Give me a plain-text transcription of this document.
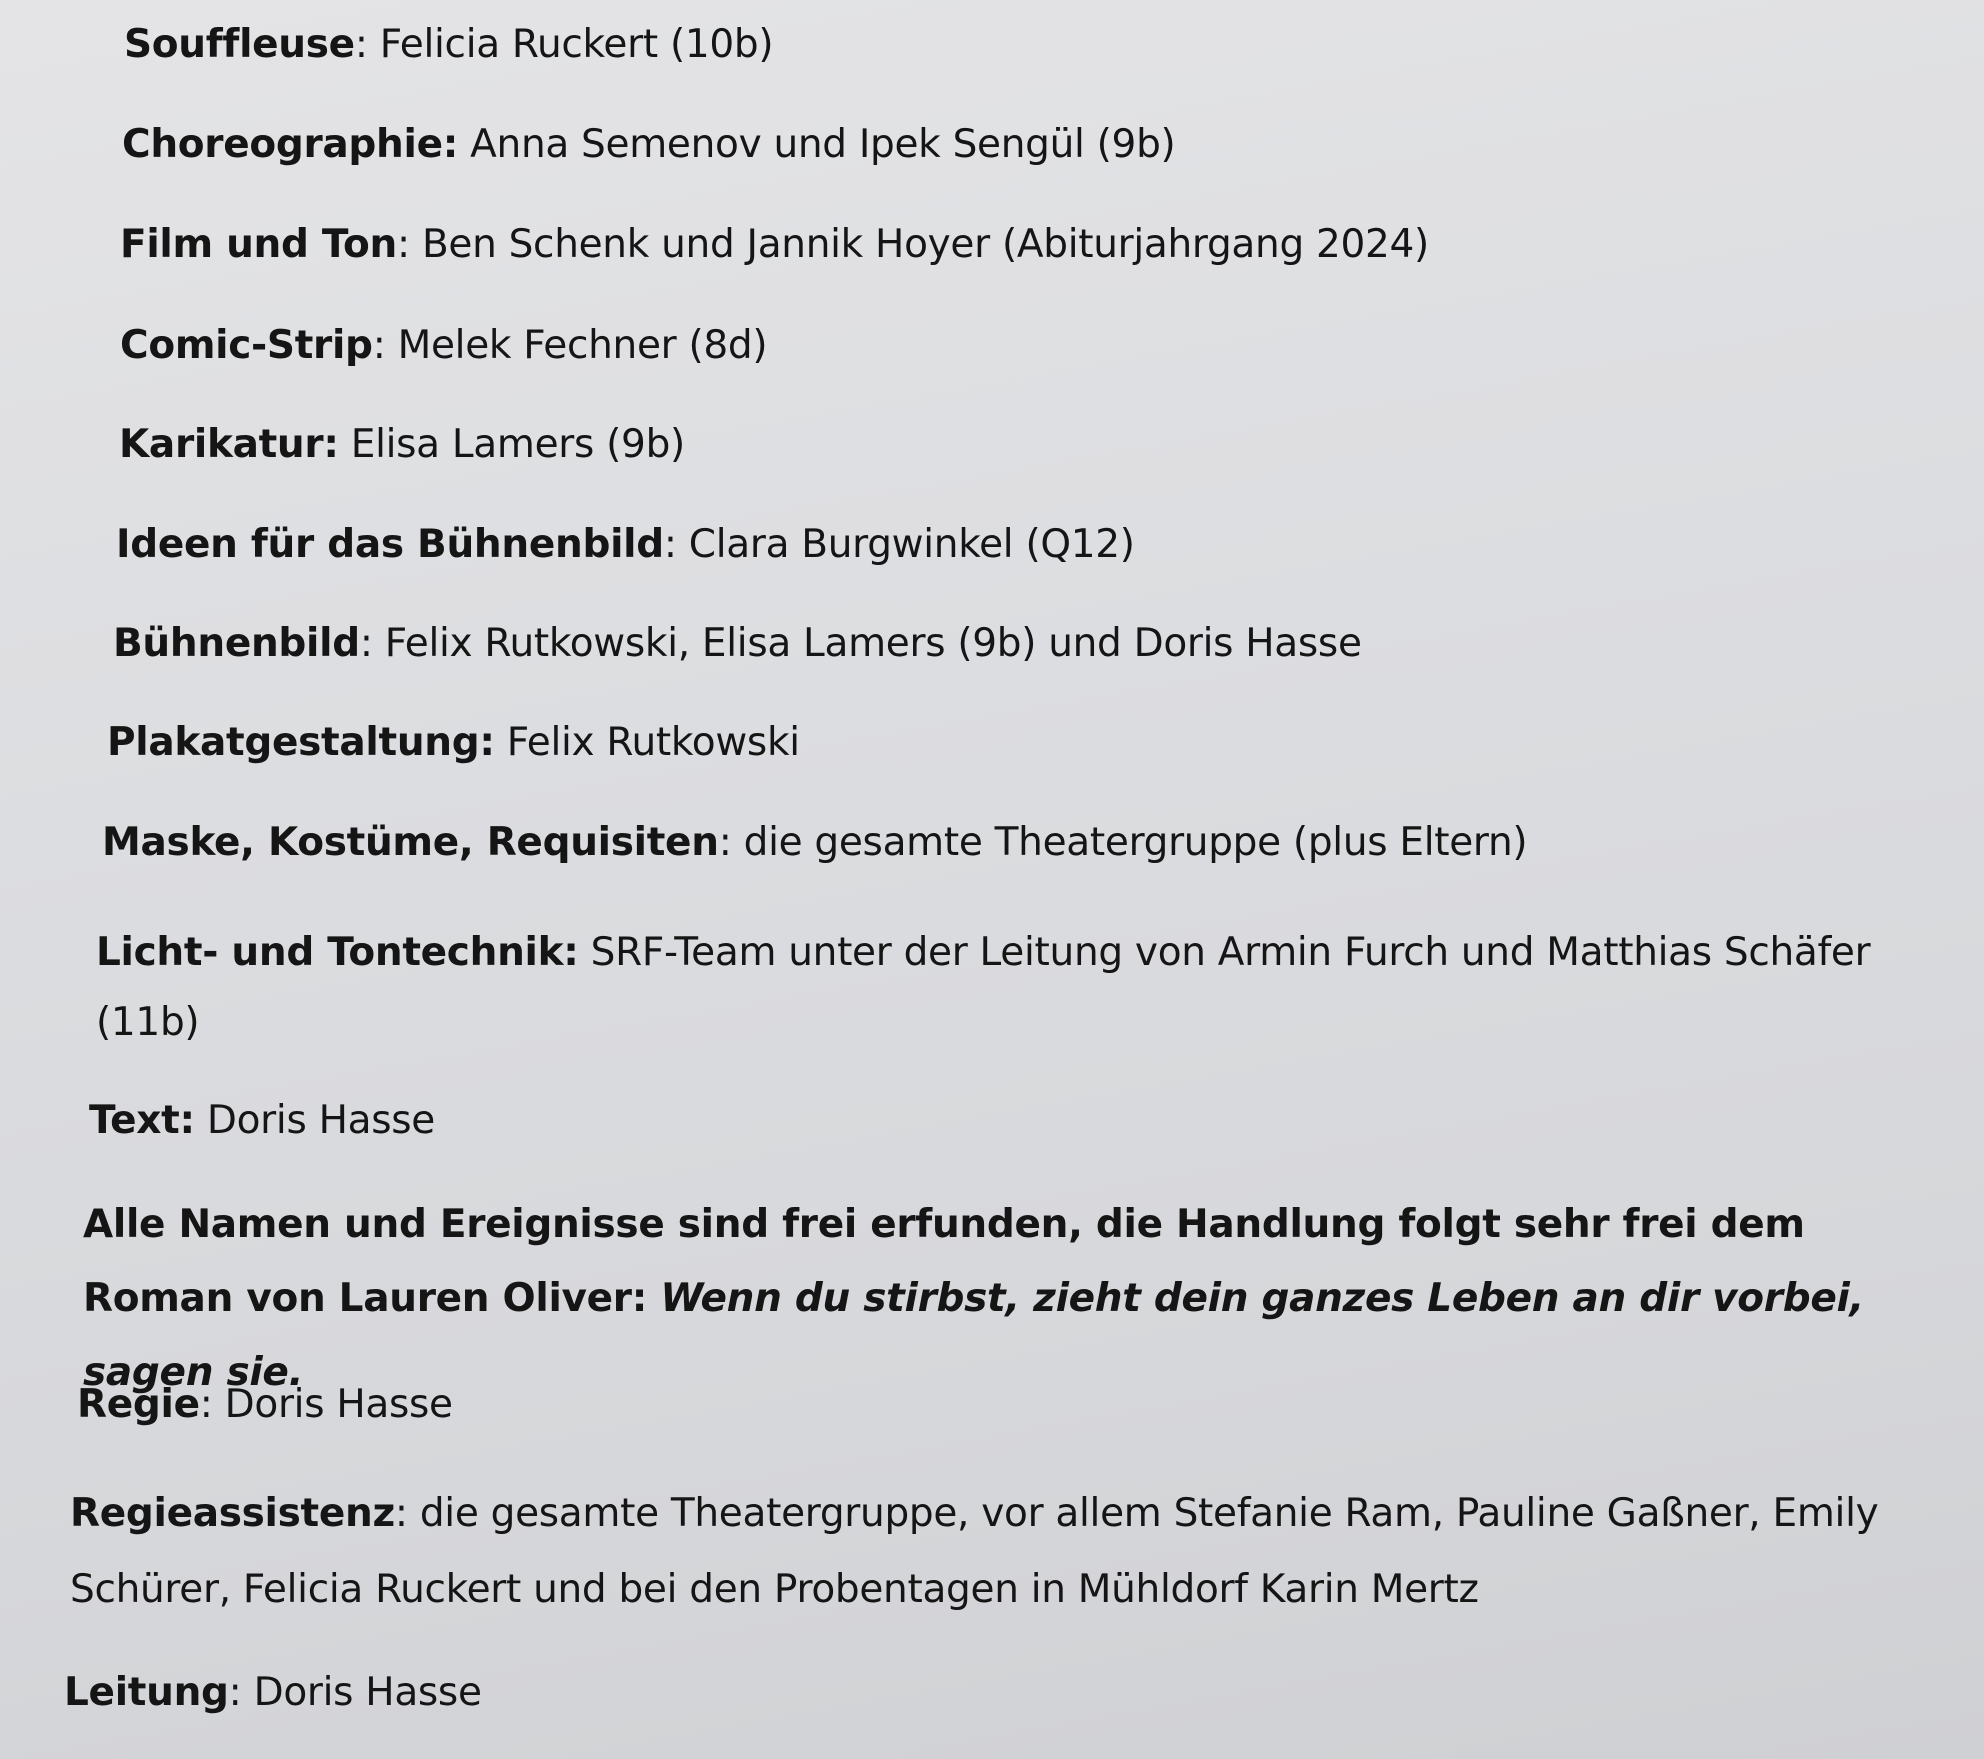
Souffleuse: Felicia Ruckert (10b)
Choreographie: Anna Semenov und Ipek Sengül (9b)
Film und Ton: Ben Schenk und Jannik Hoyer (Abiturjahrgang 2024)
Comic-Strip: Melek Fechner (8d)
Karikatur: Elisa Lamers (9b)
Ideen für das Bühnenbild: Clara Burgwinkel (Q12)
Bühnenbild: Felix Rutkowski, Elisa Lamers (9b) und Doris Hasse
Plakatgestaltung: Felix Rutkowski
Maske, Kostüme, Requisiten: die gesamte Theatergruppe (plus Eltern)
Licht- und Tontechnik: SRF-Team unter der Leitung von Armin Furch und Matthias Schäfer (11b)
Text: Doris Hasse
Alle Namen und Ereignisse sind frei erfunden, die Handlung folgt sehr frei dem Roman von Lauren Oliver: Wenn du stirbst, zieht dein ganzes Leben an dir vorbei, sagen sie.
Regie: Doris Hasse
Regieassistenz: die gesamte Theatergruppe, vor allem Stefanie Ram, Pauline Gaßner, Emily Schürer, Felicia Ruckert und bei den Probentagen in Mühldorf Karin Mertz
Leitung: Doris Hasse
